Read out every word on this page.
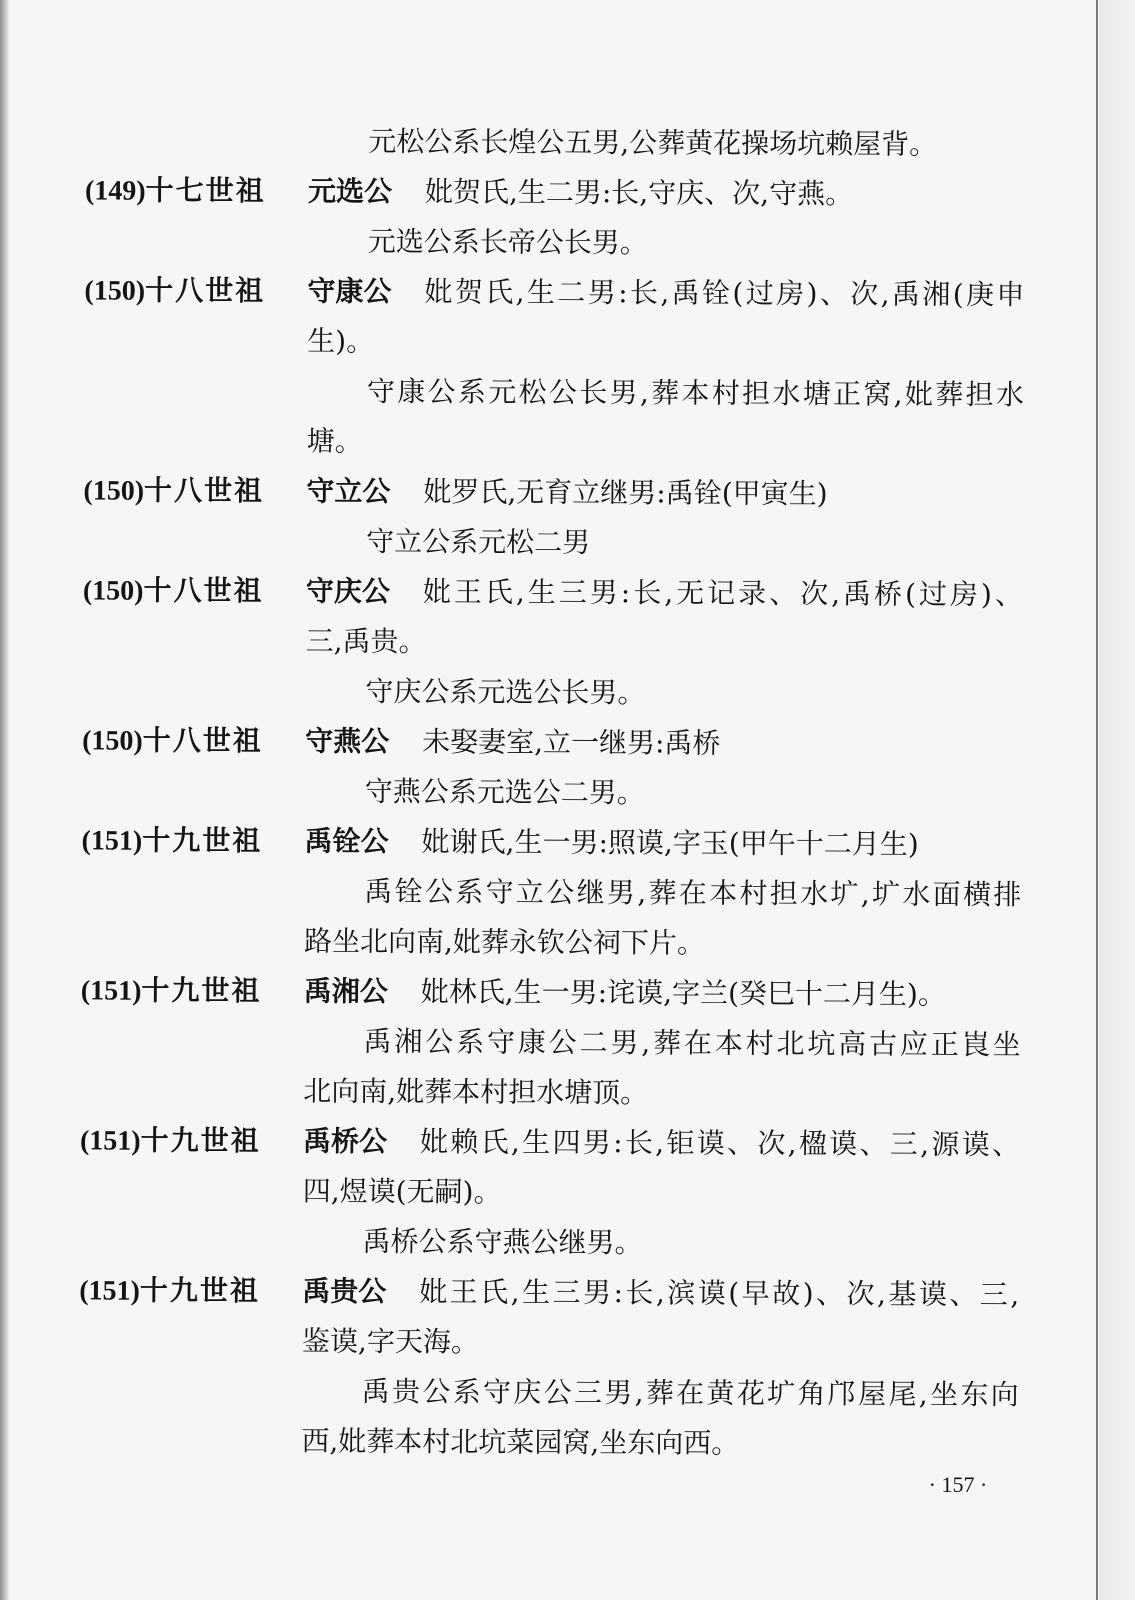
元松公系长煌公五男,公葬黄花操场坑赖屋背。
(149)十七世祖 元选公 妣贺氏,生二男:长,守庆、次,守燕。
元选公系长帝公长男。
(150)十八世祖 守康公 妣贺氏,生二男:长,禹铨(过房)、次,禹湘(庚申
生)。
守康公系元松公长男,葬本村担水塘正窝,妣葬担水
塘。
(150)十八世祖 守立公 妣罗氏,无育立继男:禹铨(甲寅生)
守立公系元松二男
(150)十八世祖 守庆公 妣王氏,生三男:长,无记录、次,禹桥(过房)、
三,禹贵。
守庆公系元选公长男。
(150)十八世祖 守燕公 未娶妻室,立一继男:禹桥
守燕公系元选公二男。
(151)十九世祖 禹铨公 妣谢氏,生一男:照谟,字玉(甲午十二月生)
禹铨公系守立公继男,葬在本村担水圹,圹水面横排
路坐北向南,妣葬永钦公祠下片。
(151)十九世祖 禹湘公 妣林氏,生一男:诧谟,字兰(癸巳十二月生)。
禹湘公系守康公二男,葬在本村北坑高古应正崀坐
北向南,妣葬本村担水塘顶。
(151)十九世祖 禹桥公 妣赖氏,生四男:长,钜谟、次,楹谟、三,源谟、
四,煜谟(无嗣)。
禹桥公系守燕公继男。
(151)十九世祖 禹贵公 妣王氏,生三男:长,滨谟(早故)、次,基谟、三,
鉴谟,字天海。
禹贵公系守庆公三男,葬在黄花圹角邝屋尾,坐东向
西,妣葬本村北坑菜园窝,坐东向西。
· 157 ·
